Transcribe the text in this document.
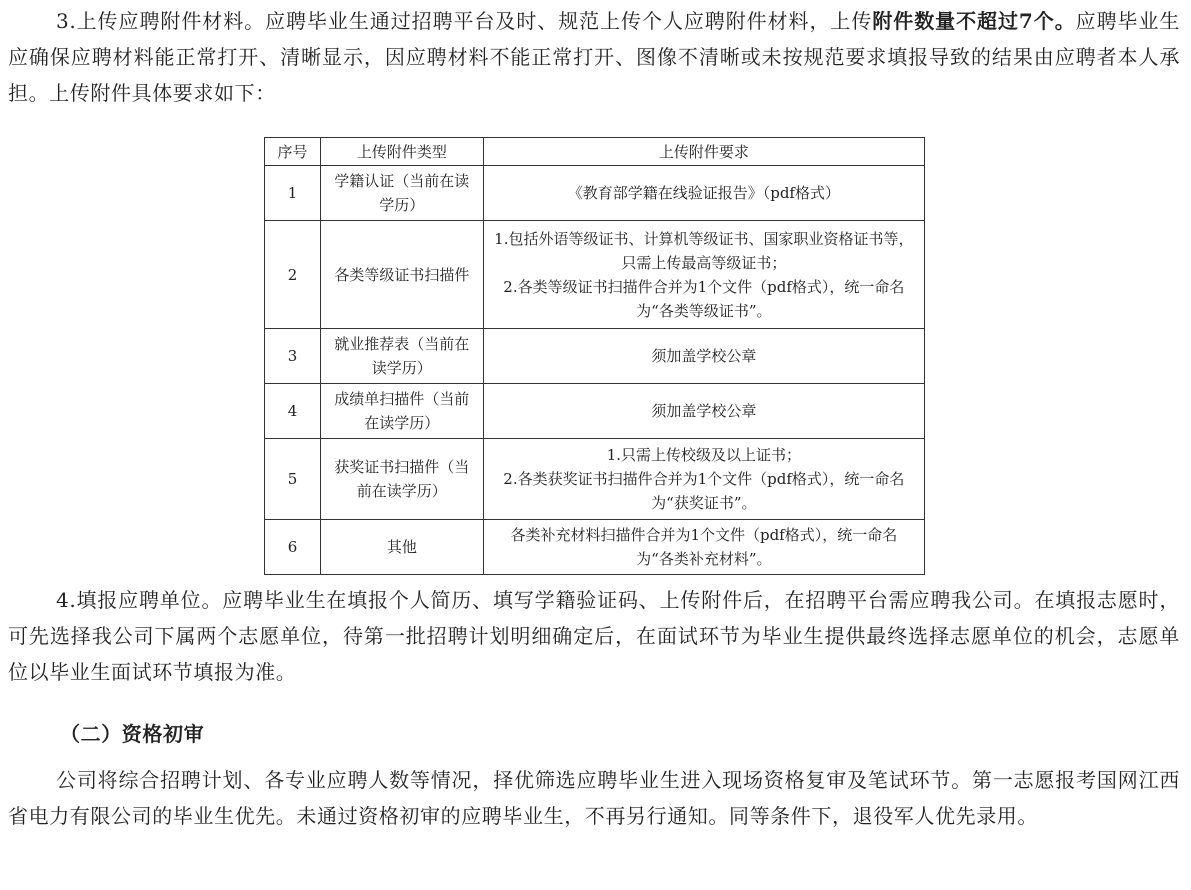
3.上传应聘附件材料。应聘毕业生通过招聘平台及时、规范上传个人应聘附件材料，上传附件数量不超过7个。应聘毕业生应确保应聘材料能正常打开、清晰显示，因应聘材料不能正常打开、图像不清晰或未按规范要求填报导致的结果由应聘者本人承担。上传附件具体要求如下：

序号	上传附件类型	上传附件要求
1	学籍认证（当前在读学历）	《教育部学籍在线验证报告》（pdf格式）
2	各类等级证书扫描件	1.包括外语等级证书、计算机等级证书、国家职业资格证书等，只需上传最高等级证书；
2.各类等级证书扫描件合并为1个文件（pdf格式），统一命名为“各类等级证书”。
3	就业推荐表（当前在读学历）	须加盖学校公章
4	成绩单扫描件（当前在读学历）	须加盖学校公章
5	获奖证书扫描件（当前在读学历）	1.只需上传校级及以上证书；
2.各类获奖证书扫描件合并为1个文件（pdf格式），统一命名为“获奖证书”。
6	其他	各类补充材料扫描件合并为1个文件（pdf格式），统一命名为“各类补充材料”。

4.填报应聘单位。应聘毕业生在填报个人简历、填写学籍验证码、上传附件后，在招聘平台需应聘我公司。在填报志愿时，可先选择我公司下属两个志愿单位，待第一批招聘计划明细确定后，在面试环节为毕业生提供最终选择志愿单位的机会，志愿单位以毕业生面试环节填报为准。

（二）资格初审

公司将综合招聘计划、各专业应聘人数等情况，择优筛选应聘毕业生进入现场资格复审及笔试环节。第一志愿报考国网江西省电力有限公司的毕业生优先。未通过资格初审的应聘毕业生，不再另行通知。同等条件下，退役军人优先录用。
